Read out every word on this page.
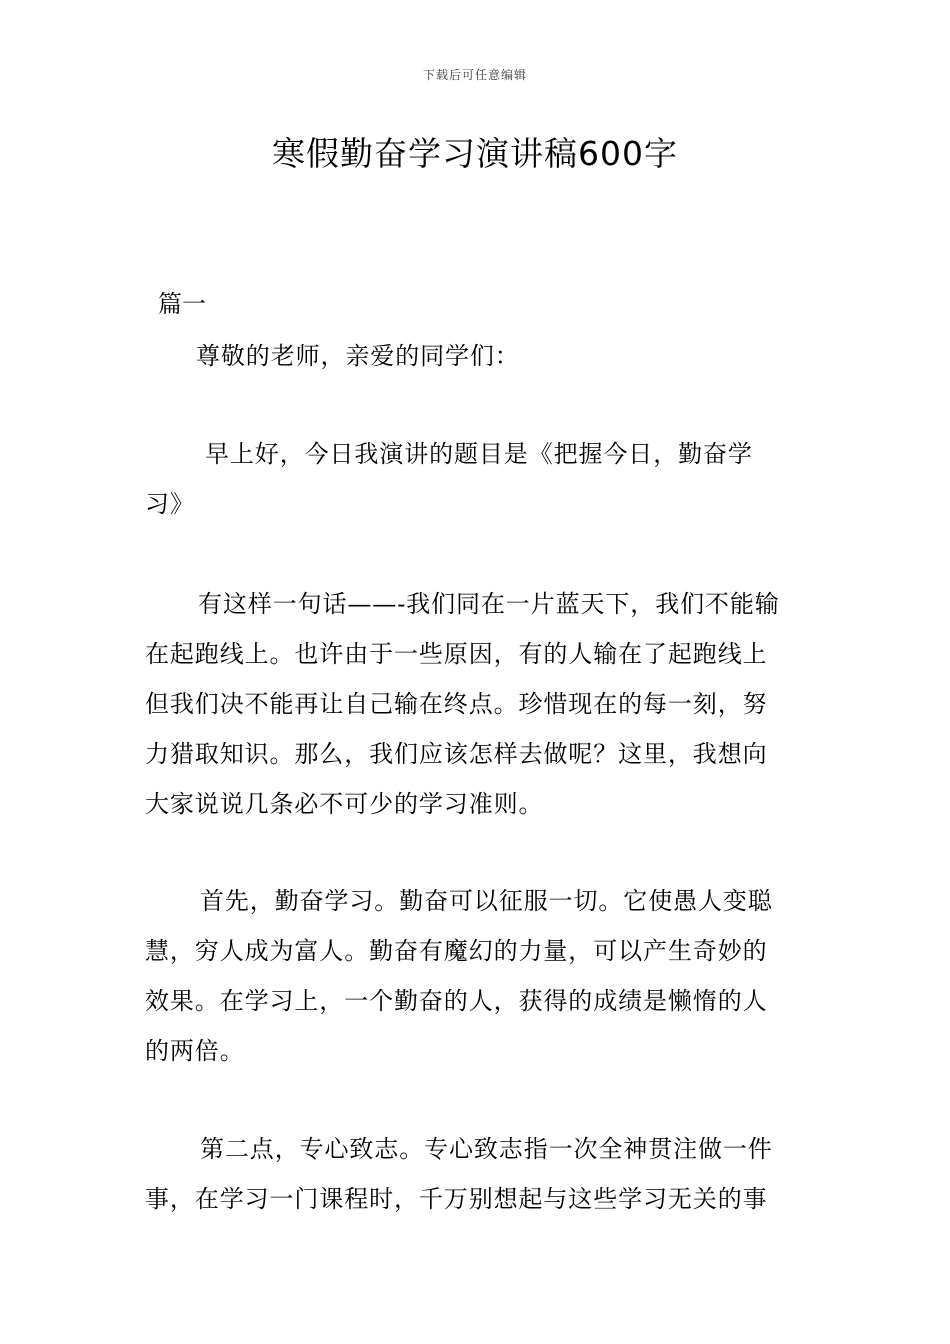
下载后可任意编辑
寒假勤奋学习演讲稿600字
篇一
尊敬的老师，亲爱的同学们：
早上好，今日我演讲的题目是《把握今日，勤奋学
习》
有这样一句话——-我们同在一片蓝天下，我们不能输
在起跑线上。也许由于一些原因，有的人输在了起跑线上
但我们决不能再让自己输在终点。珍惜现在的每一刻，努
力猎取知识。那么，我们应该怎样去做呢？这里，我想向
大家说说几条必不可少的学习准则。
首先，勤奋学习。勤奋可以征服一切。它使愚人变聪
慧，穷人成为富人。勤奋有魔幻的力量，可以产生奇妙的
效果。在学习上，一个勤奋的人，获得的成绩是懒惰的人
的两倍。
第二点，专心致志。专心致志指一次全神贯注做一件
事，在学习一门课程时，千万别想起与这些学习无关的事
